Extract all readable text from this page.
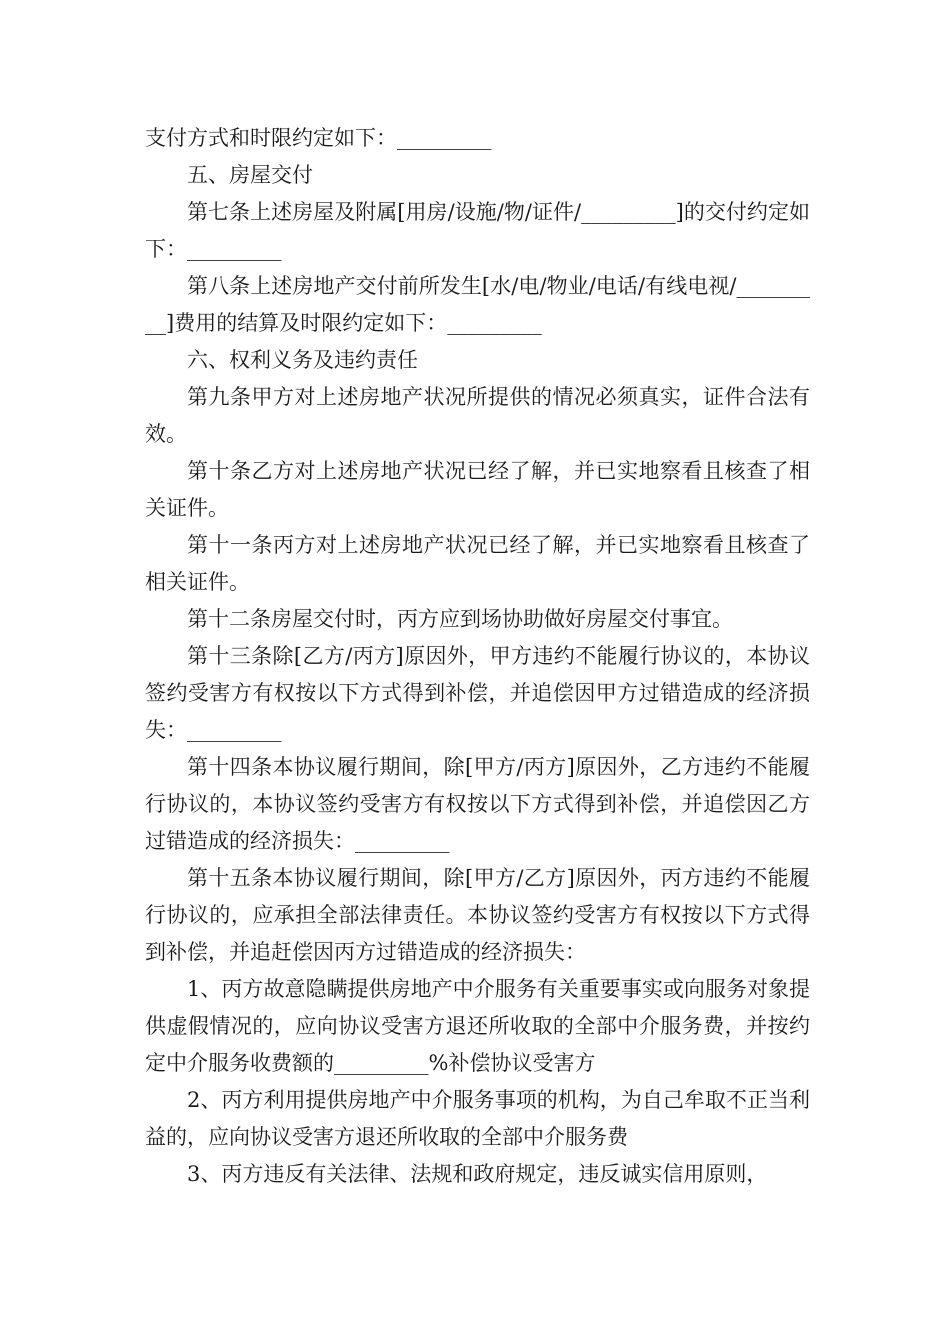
支付方式和时限约定如下：_________

五、房屋交付

第七条上述房屋及附属[用房/设施/物/证件/_________]的交付约定如下：_________

第八条上述房地产交付前所发生[水/电/物业/电话/有线电视/_________]费用的结算及时限约定如下：_________

六、权利义务及违约责任

第九条甲方对上述房地产状况所提供的情况必须真实，证件合法有效。

第十条乙方对上述房地产状况已经了解，并已实地察看且核查了相关证件。

第十一条丙方对上述房地产状况已经了解，并已实地察看且核查了相关证件。

第十二条房屋交付时，丙方应到场协助做好房屋交付事宜。

第十三条除[乙方/丙方]原因外，甲方违约不能履行协议的，本协议签约受害方有权按以下方式得到补偿，并追偿因甲方过错造成的经济损失：_________

第十四条本协议履行期间，除[甲方/丙方]原因外，乙方违约不能履行协议的，本协议签约受害方有权按以下方式得到补偿，并追偿因乙方过错造成的经济损失：_________

第十五条本协议履行期间，除[甲方/乙方]原因外，丙方违约不能履行协议的，应承担全部法律责任。本协议签约受害方有权按以下方式得到补偿，并追赶偿因丙方过错造成的经济损失：

1、丙方故意隐瞒提供房地产中介服务有关重要事实或向服务对象提供虚假情况的，应向协议受害方退还所收取的全部中介服务费，并按约定中介服务收费额的_________%补偿协议受害方

2、丙方利用提供房地产中介服务事项的机构，为自己牟取不正当利益的，应向协议受害方退还所收取的全部中介服务费

3、丙方违反有关法律、法规和政府规定，违反诚实信用原则，
